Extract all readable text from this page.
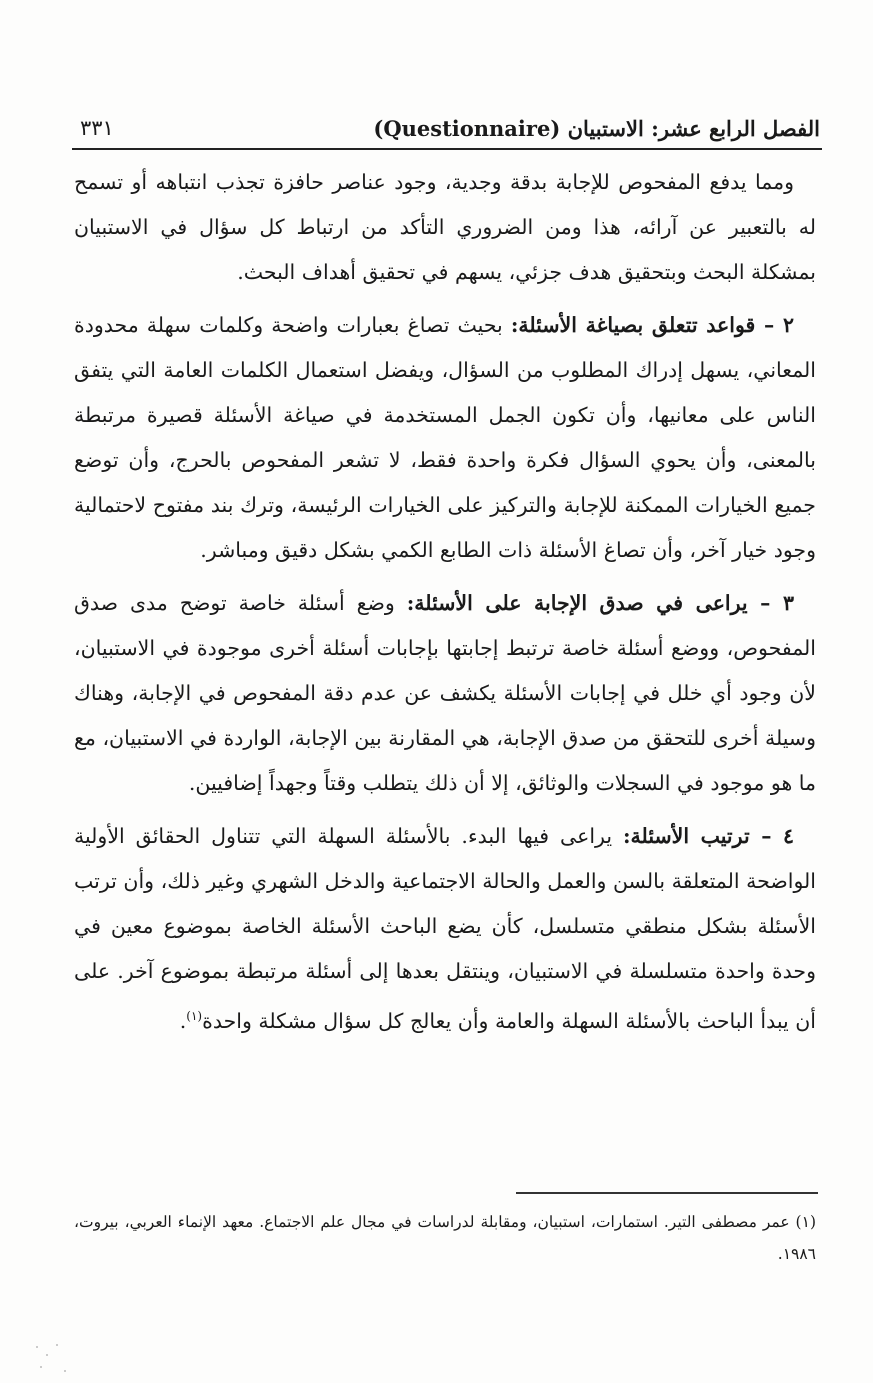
الفصل الرابع عشر: الاستبيان (Questionnaire)
٣٣١

ومما يدفع المفحوص للإجابة بدقة وجدية، وجود عناصر حافزة تجذب انتباهه أو تسمح له بالتعبير عن آرائه، هذا ومن الضروري التأكد من ارتباط كل سؤال في الاستبيان بمشكلة البحث وبتحقيق هدف جزئي، يسهم في تحقيق أهداف البحث.

٢ – قواعد تتعلق بصياغة الأسئلة: بحيث تصاغ بعبارات واضحة وكلمات سهلة محدودة المعاني، يسهل إدراك المطلوب من السؤال، ويفضل استعمال الكلمات العامة التي يتفق الناس على معانيها، وأن تكون الجمل المستخدمة في صياغة الأسئلة قصيرة مرتبطة بالمعنى، وأن يحوي السؤال فكرة واحدة فقط، لا تشعر المفحوص بالحرج، وأن توضع جميع الخيارات الممكنة للإجابة والتركيز على الخيارات الرئيسة، وترك بند مفتوح لاحتمالية وجود خيار آخر، وأن تصاغ الأسئلة ذات الطابع الكمي بشكل دقيق ومباشر.

٣ – يراعى في صدق الإجابة على الأسئلة: وضع أسئلة خاصة توضح مدى صدق المفحوص، ووضع أسئلة خاصة ترتبط إجابتها بإجابات أسئلة أخرى موجودة في الاستبيان، لأن وجود أي خلل في إجابات الأسئلة يكشف عن عدم دقة المفحوص في الإجابة، وهناك وسيلة أخرى للتحقق من صدق الإجابة، هي المقارنة بين الإجابة، الواردة في الاستبيان، مع ما هو موجود في السجلات والوثائق، إلا أن ذلك يتطلب وقتاً وجهداً إضافيين.

٤ – ترتيب الأسئلة: يراعى فيها البدء. بالأسئلة السهلة التي تتناول الحقائق الأولية الواضحة المتعلقة بالسن والعمل والحالة الاجتماعية والدخل الشهري وغير ذلك، وأن ترتب الأسئلة بشكل منطقي متسلسل، كأن يضع الباحث الأسئلة الخاصة بموضوع معين في وحدة واحدة متسلسلة في الاستبيان، وينتقل بعدها إلى أسئلة مرتبطة بموضوع آخر. على أن يبدأ الباحث بالأسئلة السهلة والعامة وأن يعالج كل سؤال مشكلة واحدة$^{(١)}$.

(١) عمر مصطفى التير. استمارات، استبيان، ومقابلة لدراسات في مجال علم الاجتماع. معهد الإنماء العربي، بيروت، ١٩٨٦.
